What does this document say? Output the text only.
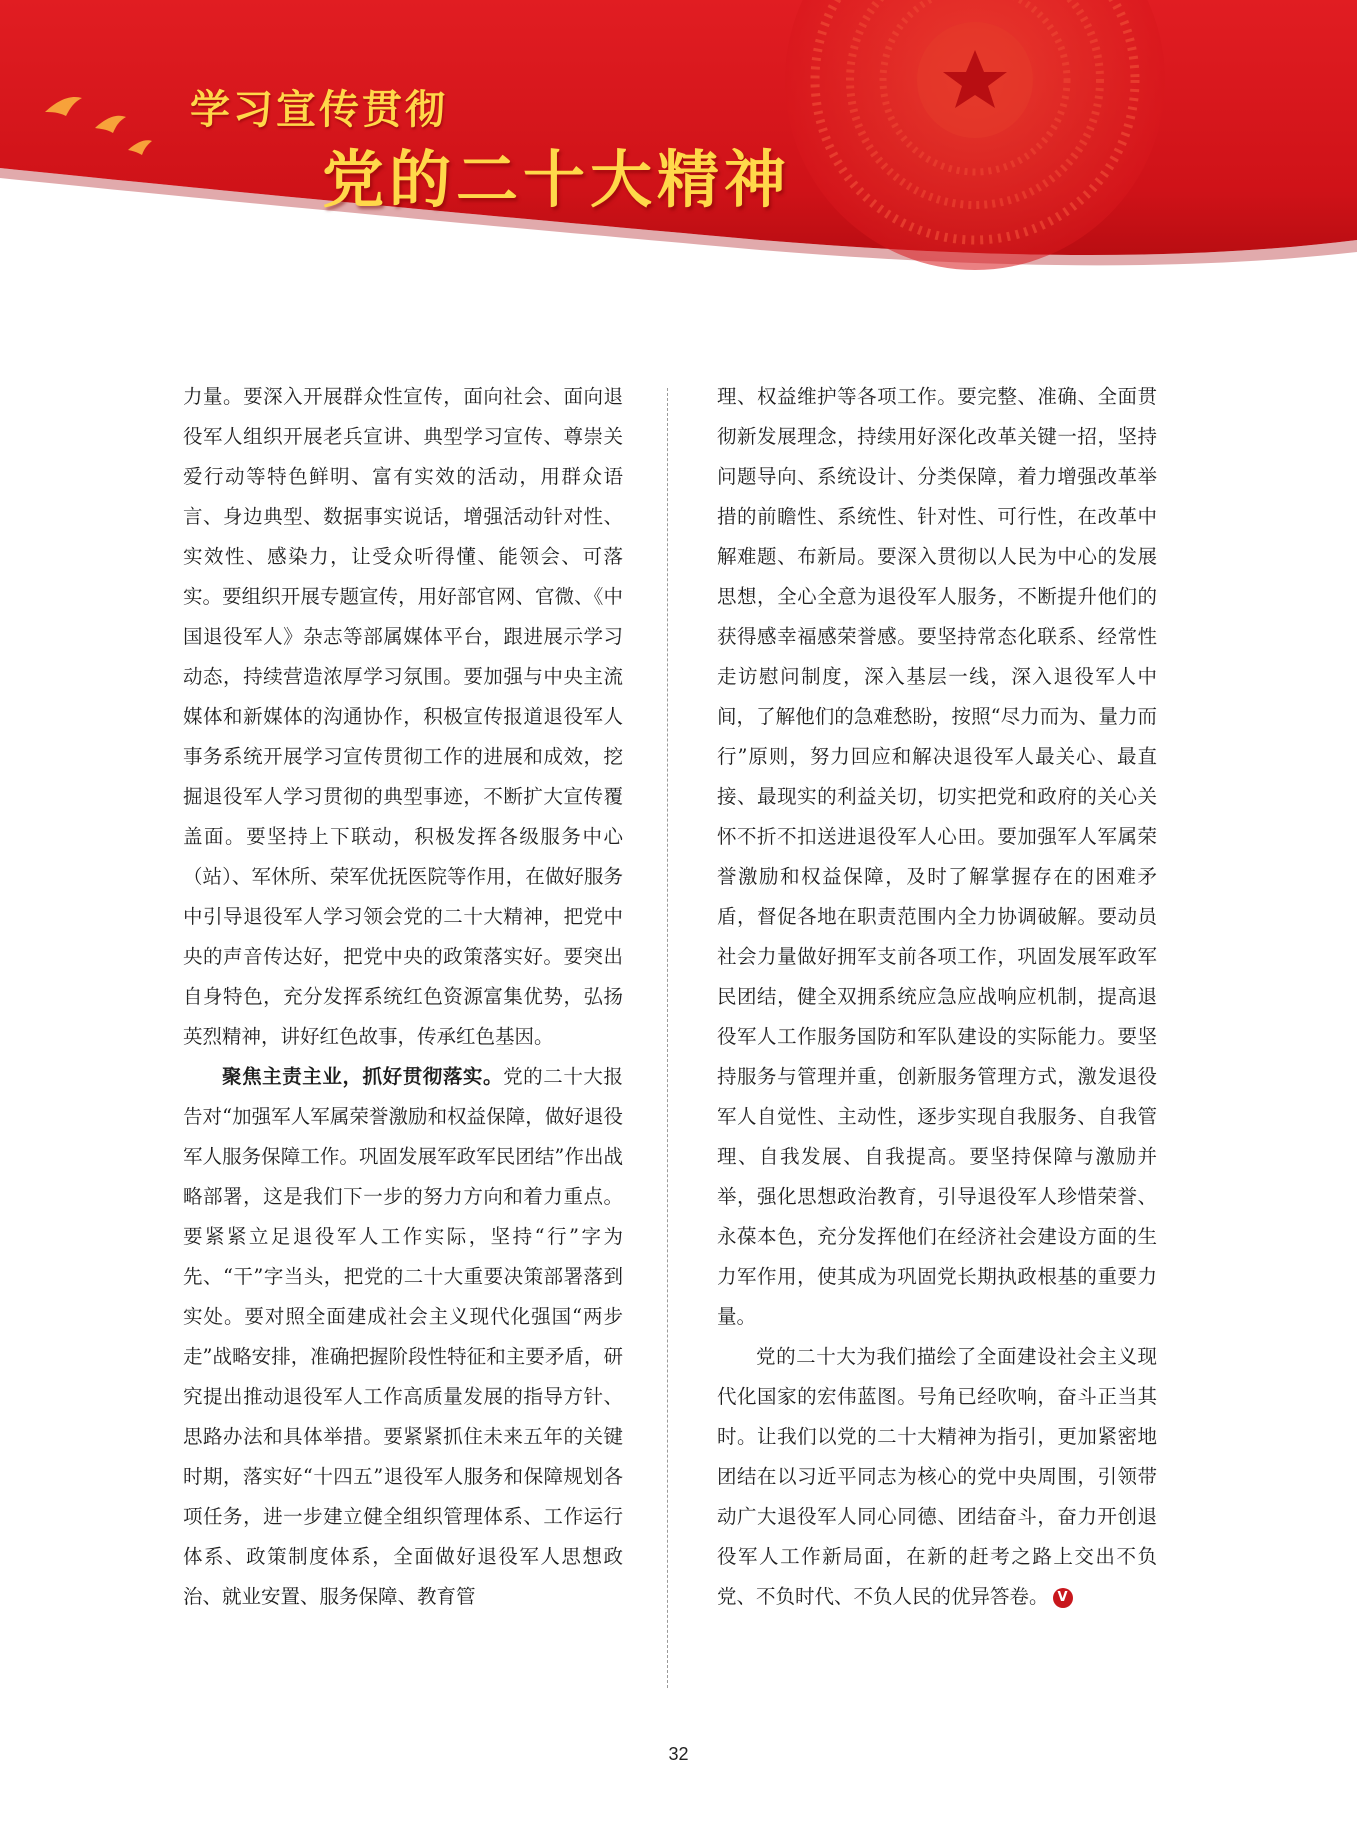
学习宣传贯彻
党的二十大精神

力量。要深入开展群众性宣传，面向社会、面向退役军人组织开展老兵宣讲、典型学习宣传、尊崇关爱行动等特色鲜明、富有实效的活动，用群众语言、身边典型、数据事实说话，增强活动针对性、实效性、感染力，让受众听得懂、能领会、可落实。要组织开展专题宣传，用好部官网、官微、《中国退役军人》杂志等部属媒体平台，跟进展示学习动态，持续营造浓厚学习氛围。要加强与中央主流媒体和新媒体的沟通协作，积极宣传报道退役军人事务系统开展学习宣传贯彻工作的进展和成效，挖掘退役军人学习贯彻的典型事迹，不断扩大宣传覆盖面。要坚持上下联动，积极发挥各级服务中心（站）、军休所、荣军优抚医院等作用，在做好服务中引导退役军人学习领会党的二十大精神，把党中央的声音传达好，把党中央的政策落实好。要突出自身特色，充分发挥系统红色资源富集优势，弘扬英烈精神，讲好红色故事，传承红色基因。

聚焦主责主业，抓好贯彻落实。党的二十大报告对“加强军人军属荣誉激励和权益保障，做好退役军人服务保障工作。巩固发展军政军民团结”作出战略部署，这是我们下一步的努力方向和着力重点。要紧紧立足退役军人工作实际，坚持“行”字为先、“干”字当头，把党的二十大重要决策部署落到实处。要对照全面建成社会主义现代化强国“两步走”战略安排，准确把握阶段性特征和主要矛盾，研究提出推动退役军人工作高质量发展的指导方针、思路办法和具体举措。要紧紧抓住未来五年的关键时期，落实好“十四五”退役军人服务和保障规划各项任务，进一步建立健全组织管理体系、工作运行体系、政策制度体系，全面做好退役军人思想政治、就业安置、服务保障、教育管

理、权益维护等各项工作。要完整、准确、全面贯彻新发展理念，持续用好深化改革关键一招，坚持问题导向、系统设计、分类保障，着力增强改革举措的前瞻性、系统性、针对性、可行性，在改革中解难题、布新局。要深入贯彻以人民为中心的发展思想，全心全意为退役军人服务，不断提升他们的获得感幸福感荣誉感。要坚持常态化联系、经常性走访慰问制度，深入基层一线，深入退役军人中间，了解他们的急难愁盼，按照“尽力而为、量力而行”原则，努力回应和解决退役军人最关心、最直接、最现实的利益关切，切实把党和政府的关心关怀不折不扣送进退役军人心田。要加强军人军属荣誉激励和权益保障，及时了解掌握存在的困难矛盾，督促各地在职责范围内全力协调破解。要动员社会力量做好拥军支前各项工作，巩固发展军政军民团结，健全双拥系统应急应战响应机制，提高退役军人工作服务国防和军队建设的实际能力。要坚持服务与管理并重，创新服务管理方式，激发退役军人自觉性、主动性，逐步实现自我服务、自我管理、自我发展、自我提高。要坚持保障与激励并举，强化思想政治教育，引导退役军人珍惜荣誉、永葆本色，充分发挥他们在经济社会建设方面的生力军作用，使其成为巩固党长期执政根基的重要力量。

党的二十大为我们描绘了全面建设社会主义现代化国家的宏伟蓝图。号角已经吹响，奋斗正当其时。让我们以党的二十大精神为指引，更加紧密地团结在以习近平同志为核心的党中央周围，引领带动广大退役军人同心同德、团结奋斗，奋力开创退役军人工作新局面，在新的赶考之路上交出不负党、不负时代、不负人民的优异答卷。 V

32
